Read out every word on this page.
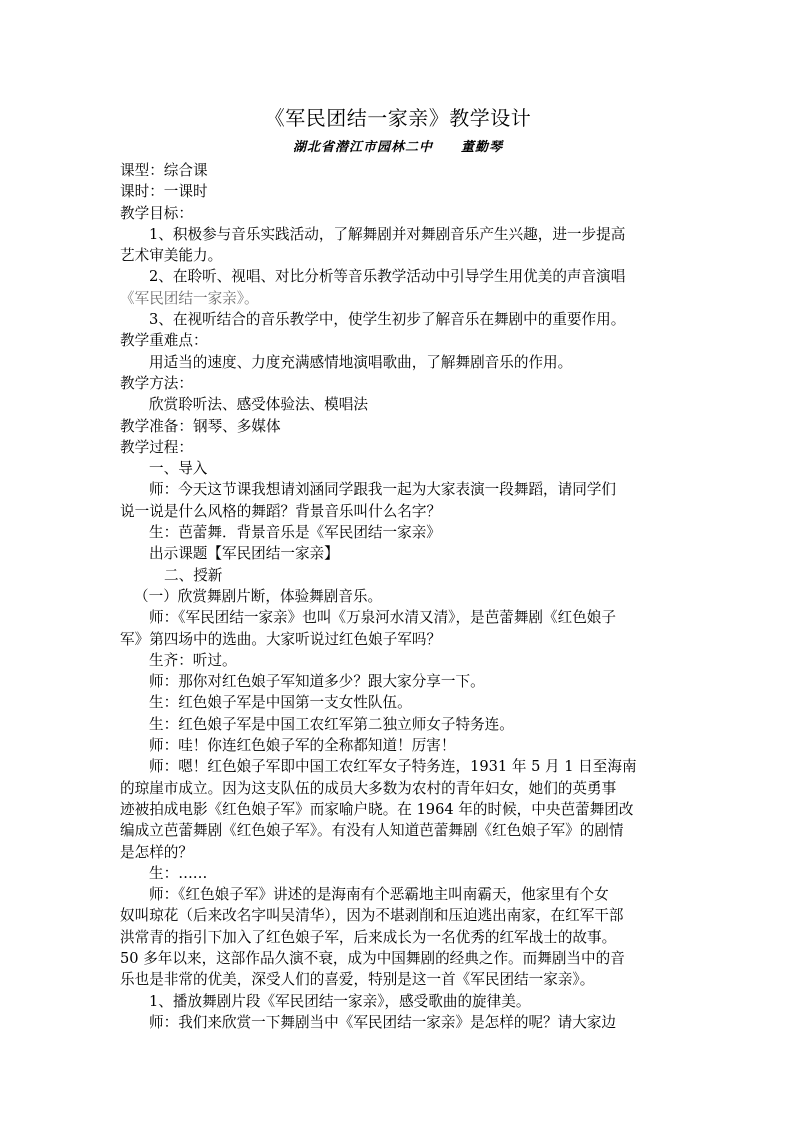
《军民团结一家亲》教学设计

湖北省潜江市园林二中　　董勤琴

课型：综合课

课时：一课时

教学目标：

1、积极参与音乐实践活动，了解舞剧并对舞剧音乐产生兴趣，进一步提高

艺术审美能力。

2、在聆听、视唱、对比分析等音乐教学活动中引导学生用优美的声音演唱

《军民团结一家亲》。

3、在视听结合的音乐教学中，使学生初步了解音乐在舞剧中的重要作用。

教学重难点：

用适当的速度、力度充满感情地演唱歌曲，了解舞剧音乐的作用。

教学方法：

欣赏聆听法、感受体验法、模唱法

教学准备：钢琴、多媒体

教学过程：

一、导入

师：今天这节课我想请刘涵同学跟我一起为大家表演一段舞蹈，请同学们

说一说是什么风格的舞蹈？背景音乐叫什么名字？

生：芭蕾舞．背景音乐是《军民团结一家亲》

出示课题【军民团结一家亲】

二、授新

（一）欣赏舞剧片断，体验舞剧音乐。

师：《军民团结一家亲》也叫《万泉河水清又清》，是芭蕾舞剧《红色娘子

军》第四场中的选曲。大家听说过红色娘子军吗？

生齐：听过。

师：那你对红色娘子军知道多少？跟大家分享一下。

生：红色娘子军是中国第一支女性队伍。

生：红色娘子军是中国工农红军第二独立师女子特务连。

师：哇！你连红色娘子军的全称都知道！厉害！

师：嗯！红色娘子军即中国工农红军女子特务连，1931 年 5 月 1 日至海南

的琼崖市成立。因为这支队伍的成员大多数为农村的青年妇女，她们的英勇事

迹被拍成电影《红色娘子军》而家喻户晓。在 1964 年的时候，中央芭蕾舞团改

编成立芭蕾舞剧《红色娘子军》。有没有人知道芭蕾舞剧《红色娘子军》的剧情

是怎样的？

生：……

师：《红色娘子军》讲述的是海南有个恶霸地主叫南霸天，他家里有个女

奴叫琼花（后来改名字叫吴清华），因为不堪剥削和压迫逃出南家，在红军干部

洪常青的指引下加入了红色娘子军，后来成长为一名优秀的红军战士的故事。

50 多年以来，这部作品久演不衰，成为中国舞剧的经典之作。而舞剧当中的音

乐也是非常的优美，深受人们的喜爱，特别是这一首《军民团结一家亲》。

1、播放舞剧片段《军民团结一家亲》，感受歌曲的旋律美。

师：我们来欣赏一下舞剧当中《军民团结一家亲》是怎样的呢？请大家边
